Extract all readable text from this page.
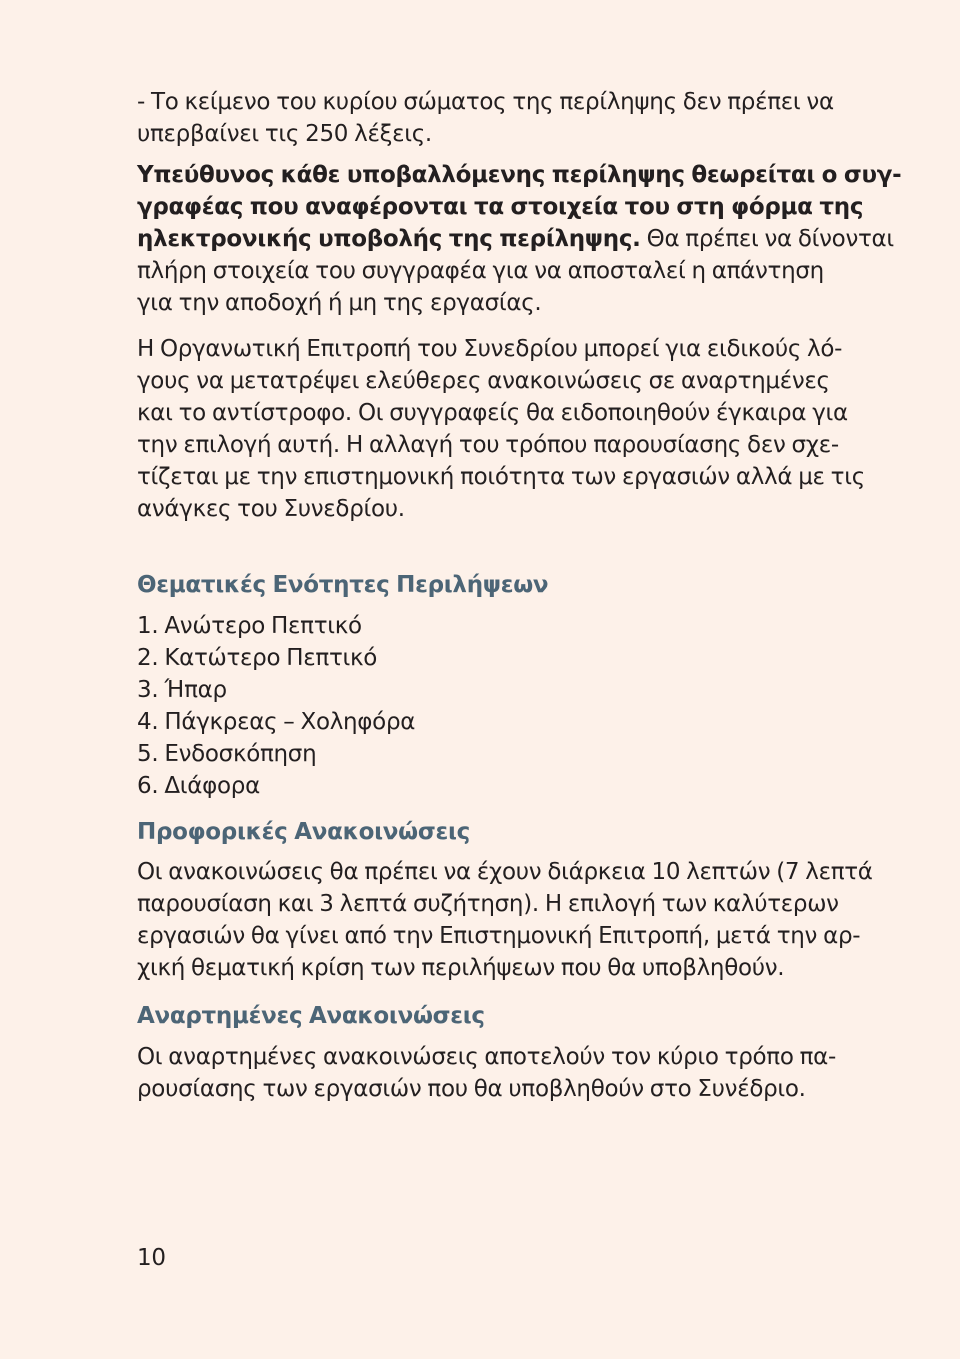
- Το κείμενο του κυρίου σώματος της περίληψης δεν πρέπει να
υπερβαίνει τις 250 λέξεις.

Υπεύθυνος κάθε υποβαλλόμενης περίληψης θεωρείται ο συγ-
γραφέας που αναφέρονται τα στοιχεία του στη φόρμα της
ηλεκτρονικής υποβολής της περίληψης. Θα πρέπει να δίνονται
πλήρη στοιχεία του συγγραφέα για να αποσταλεί η απάντηση
για την αποδοχή ή μη της εργασίας.

Η Οργανωτική Επιτροπή του Συνεδρίου μπορεί για ειδικούς λό-
γους να μετατρέψει ελεύθερες ανακοινώσεις σε αναρτημένες
και το αντίστροφο. Οι συγγραφείς θα ειδοποιηθούν έγκαιρα για
την επιλογή αυτή. Η αλλαγή του τρόπου παρουσίασης δεν σχε-
τίζεται με την επιστημονική ποιότητα των εργασιών αλλά με τις
ανάγκες του Συνεδρίου.

Θεματικές Ενότητες Περιλήψεων
1. Ανώτερο Πεπτικό
2. Κατώτερο Πεπτικό
3. Ήπαρ
4. Πάγκρεας – Χοληφόρα
5. Ενδοσκόπηση
6. Διάφορα
Προφορικές Ανακοινώσεις

Οι ανακοινώσεις θα πρέπει να έχουν διάρκεια 10 λεπτών (7 λεπτά
παρουσίαση και 3 λεπτά συζήτηση). Η επιλογή των καλύτερων
εργασιών θα γίνει από την Επιστημονική Επιτροπή, μετά την αρ-
χική θεματική κρίση των περιλήψεων που θα υποβληθούν.

Αναρτημένες Ανακοινώσεις

Οι αναρτημένες ανακοινώσεις αποτελούν τον κύριο τρόπο πα-
ρουσίασης των εργασιών που θα υποβληθούν στο Συνέδριο.

10
